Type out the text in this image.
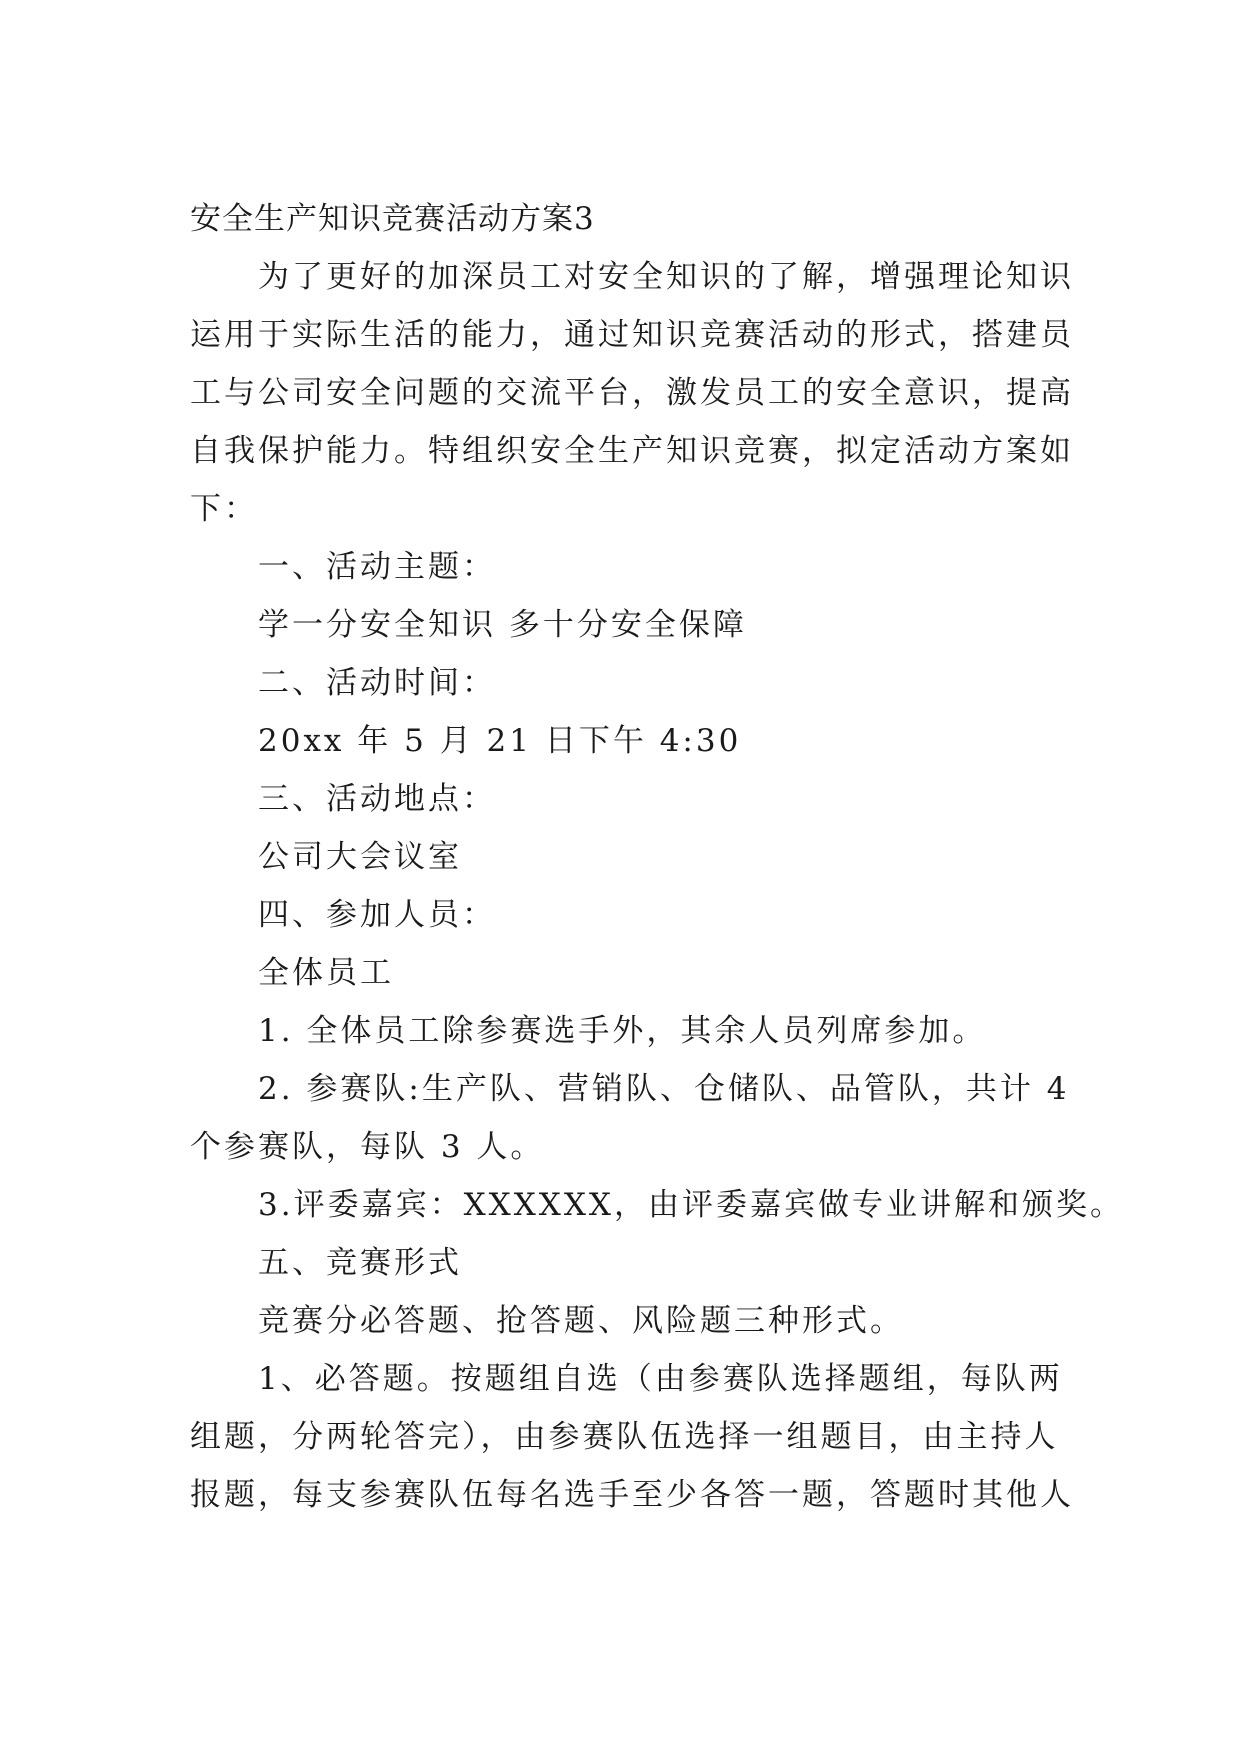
安全生产知识竞赛活动方案3
为了更好的加深员工对安全知识的了解，增强理论知识
运用于实际生活的能力，通过知识竞赛活动的形式，搭建员
工与公司安全问题的交流平台，激发员工的安全意识，提高
自我保护能力。特组织安全生产知识竞赛，拟定活动方案如
下：
一、活动主题：
学一分安全知识 多十分安全保障
二、活动时间：
20xx 年 5 月 21 日下午 4:30
三、活动地点：
公司大会议室
四、参加人员：
全体员工
1. 全体员工除参赛选手外，其余人员列席参加。
2. 参赛队:生产队、营销队、仓储队、品管队，共计 4
个参赛队，每队 3 人。
3.评委嘉宾：XXXXXX，由评委嘉宾做专业讲解和颁奖。
五、竞赛形式
竞赛分必答题、抢答题、风险题三种形式。
1、必答题。按题组自选（由参赛队选择题组，每队两
组题，分两轮答完），由参赛队伍选择一组题目，由主持人
报题，每支参赛队伍每名选手至少各答一题，答题时其他人
